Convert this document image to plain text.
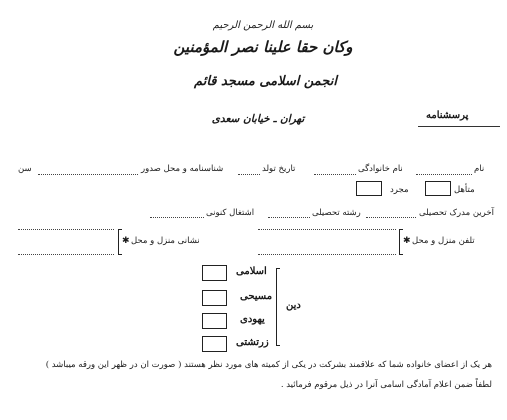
بسم الله الرحمن الرحیم
وکان حقا علینا نصر المؤمنین
انجمن اسلامی مسجد قائم
تهران ـ خیابان سعدی	پرسشنامه
نام
نام خانوادگی
تاریخ تولد
شناسنامه و محل صدور
سن
متأهل
مجرد
آخرین مدرک تحصیلی
رشته تحصیلی
اشتغال کنونی
✱ تلفن منزل و محل
✱ نشانی منزل و محل
دین
اسلامی
مسیحی
یهودی
زرتشتی
هر یک از اعضای خانواده شما که علاقمند بشرکت در یکی از کمیته های مورد نظر هستند ( صورت آن در ظهر این ورقه میباشد )
لطفاً ضمن اعلام آمادگی اسامی آنرا در ذیل مرقوم فرمائید .
